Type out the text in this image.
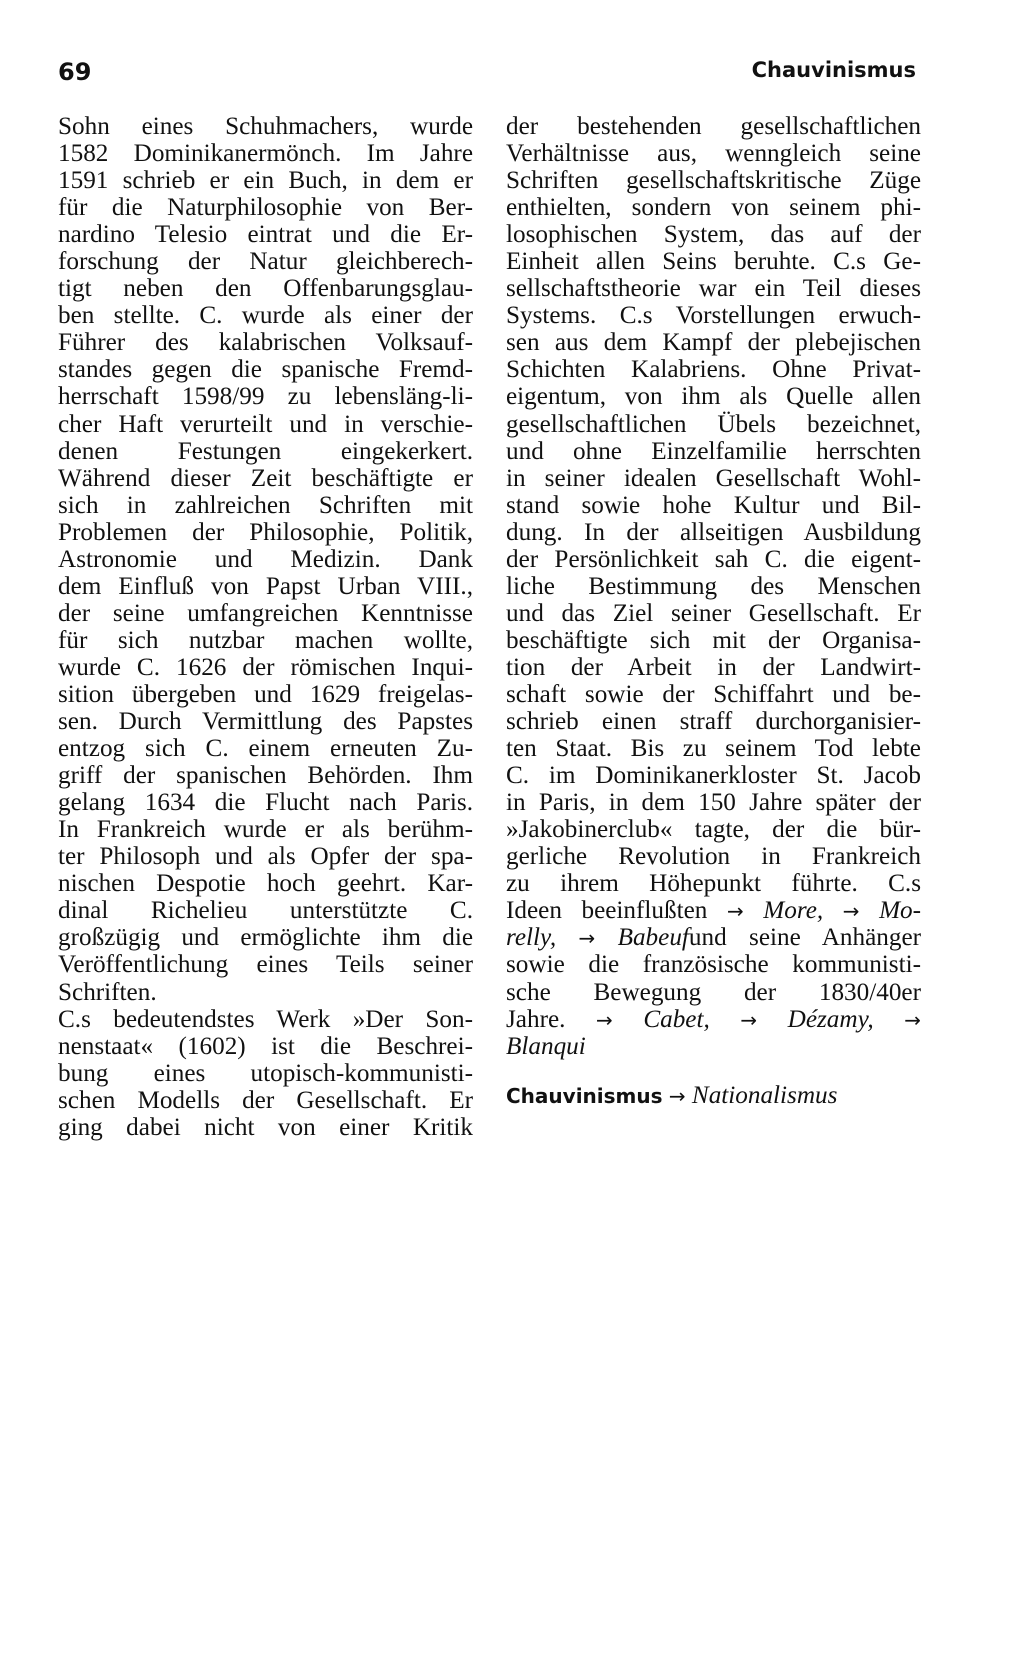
69	Chauvinismus
Sohn eines Schuhmachers, wurde
1582 Dominikanermönch. Im Jahre
1591 schrieb er ein Buch, in dem er
für die Naturphilosophie von Ber-
nardino Telesio eintrat und die Er-
forschung der Natur gleichberech-
tigt neben den Offenbarungsglau-
ben stellte. C. wurde als einer der
Führer des kalabrischen Volksauf-
standes gegen die spanische Fremd-
herrschaft 1598/99 zu lebensläng-li-
cher Haft verurteilt und in verschie-
denen Festungen eingekerkert.
Während dieser Zeit beschäftigte er
sich in zahlreichen Schriften mit
Problemen der Philosophie, Politik,
Astronomie und Medizin. Dank
dem Einfluß von Papst Urban VIII.,
der seine umfangreichen Kenntnisse
für sich nutzbar machen wollte,
wurde C. 1626 der römischen Inqui-
sition übergeben und 1629 freigelas-
sen. Durch Vermittlung des Papstes
entzog sich C. einem erneuten Zu-
griff der spanischen Behörden. Ihm
gelang 1634 die Flucht nach Paris.
In Frankreich wurde er als berühm-
ter Philosoph und als Opfer der spa-
nischen Despotie hoch geehrt. Kar-
dinal Richelieu unterstützte C.
großzügig und ermöglichte ihm die
Veröffentlichung eines Teils seiner
Schriften.
C.s bedeutendstes Werk »Der Son-
nenstaat« (1602) ist die Beschrei-
bung eines utopisch-kommunisti-
schen Modells der Gesellschaft. Er
ging dabei nicht von einer Kritik
der bestehenden gesellschaftlichen
Verhältnisse aus, wenngleich seine
Schriften gesellschaftskritische Züge
enthielten, sondern von seinem phi-
losophischen System, das auf der
Einheit allen Seins beruhte. C.s Ge-
sellschaftstheorie war ein Teil dieses
Systems. C.s Vorstellungen erwuch-
sen aus dem Kampf der plebejischen
Schichten Kalabriens. Ohne Privat-
eigentum, von ihm als Quelle allen
gesellschaftlichen Übels bezeichnet,
und ohne Einzelfamilie herrschten
in seiner idealen Gesellschaft Wohl-
stand sowie hohe Kultur und Bil-
dung. In der allseitigen Ausbildung
der Persönlichkeit sah C. die eigent-
liche Bestimmung des Menschen
und das Ziel seiner Gesellschaft. Er
beschäftigte sich mit der Organisa-
tion der Arbeit in der Landwirt-
schaft sowie der Schiffahrt und be-
schrieb einen straff durchorganisier-
ten Staat. Bis zu seinem Tod lebte
C. im Dominikanerkloster St. Jacob
in Paris, in dem 150 Jahre später der
»Jakobinerclub« tagte, der die bür-
gerliche Revolution in Frankreich
zu ihrem Höhepunkt führte. C.s
Ideen beeinflußten → More, → Mo-
relly, → Babeufund seine Anhänger
sowie die französische kommunisti-
sche Bewegung der 1830/40er
Jahre. → Cabet, → Dézamy, →
Blanqui
Chauvinismus → Nationalismus
